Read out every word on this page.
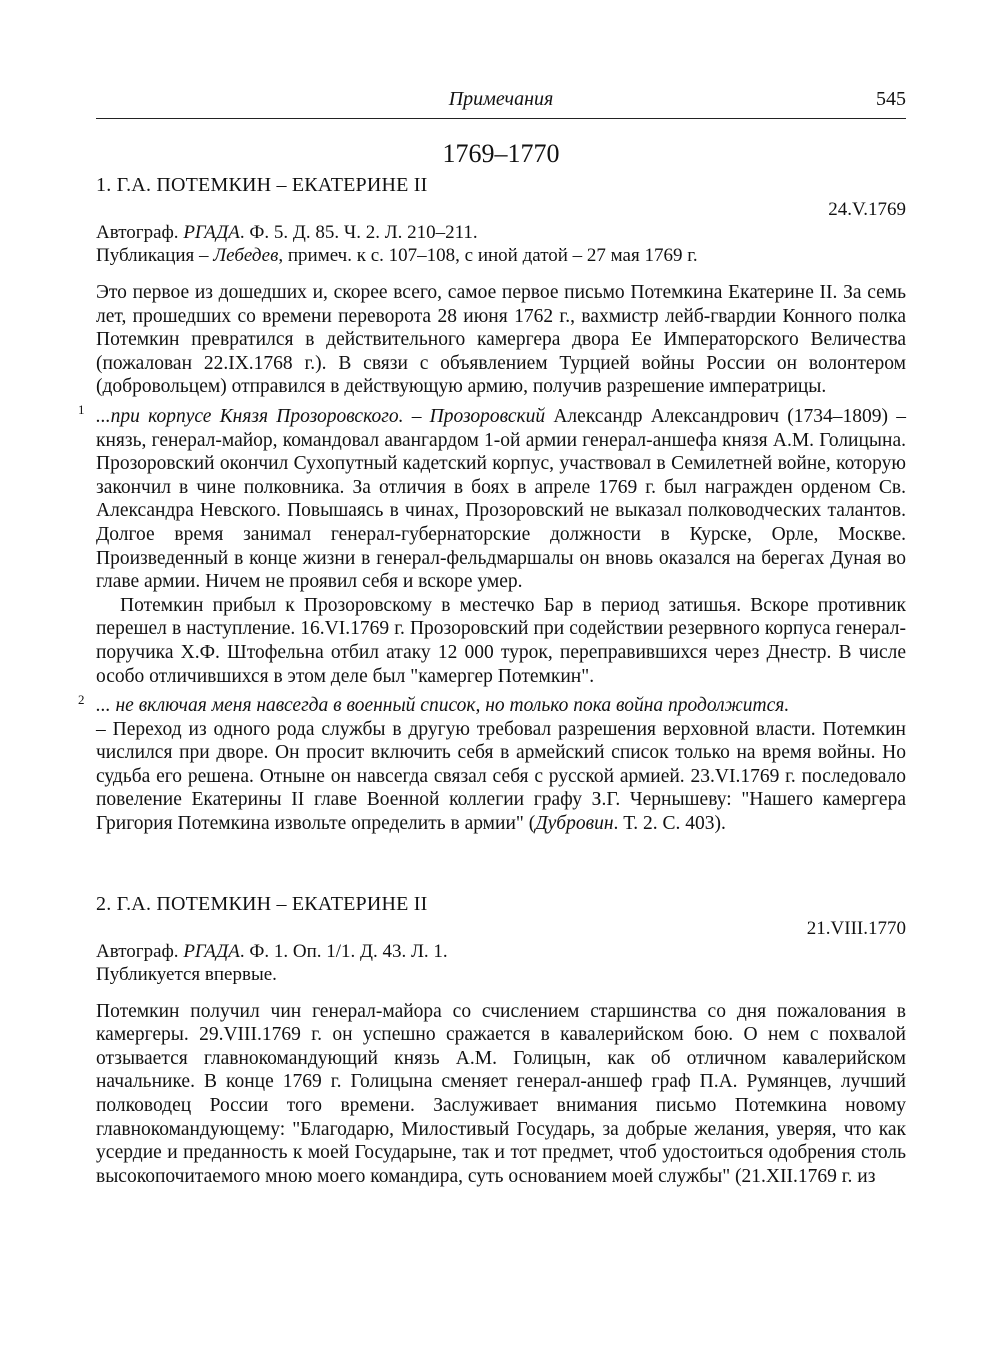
Примечания	545
1769–1770
1. Г.А. ПОТЕМКИН – ЕКАТЕРИНЕ II
24.V.1769
Автограф. РГАДА. Ф. 5. Д. 85. Ч. 2. Л. 210–211.
Публикация – Лебедев, примеч. к с. 107–108, с иной датой – 27 мая 1769 г.
Это первое из дошедших и, скорее всего, самое первое письмо Потемкина Екатерине II. За семь лет, прошедших со времени переворота 28 июня 1762 г., вахмистр лейб-гвардии Конного полка Потемкин превратился в действительного камергера двора Ее Императорского Величества (пожалован 22.IX.1768 г.). В связи с объявлением Турцией войны России он волонтером (добровольцем) отправился в действующую армию, получив разрешение императрицы.
1 ...при корпусе Князя Прозоровского. – Прозоровский Александр Александрович (1734–1809) – князь, генерал-майор, командовал авангардом 1-ой армии генерал-аншефа князя А.М. Голицына. Прозоровский окончил Сухопутный кадетский корпус, участвовал в Семилетней войне, которую закончил в чине полковника. За отличия в боях в апреле 1769 г. был награжден орденом Св. Александра Невского. Повышаясь в чинах, Прозоровский не выказал полководческих талантов. Долгое время занимал генерал-губернаторские должности в Курске, Орле, Москве. Произведенный в конце жизни в генерал-фельдмаршалы он вновь оказался на берегах Дуная во главе армии. Ничем не проявил себя и вскоре умер.
Потемкин прибыл к Прозоровскому в местечко Бар в период затишья. Вскоре противник перешел в наступление. 16.VI.1769 г. Прозоровский при содействии резервного корпуса генерал-поручика Х.Ф. Штофельна отбил атаку 12 000 турок, переправившихся через Днестр. В числе особо отличившихся в этом деле был "камергер Потемкин".
2 ... не включая меня навсегда в военный список, но только пока война продолжится.
– Переход из одного рода службы в другую требовал разрешения верховной власти. Потемкин числился при дворе. Он просит включить себя в армейский список только на время войны. Но судьба его решена. Отныне он навсегда связал себя с русской армией. 23.VI.1769 г. последовало повеление Екатерины II главе Военной коллегии графу З.Г. Чернышеву: "Нашего камергера Григория Потемкина извольте определить в армии" (Дубровин. Т. 2. С. 403).
2. Г.А. ПОТЕМКИН – ЕКАТЕРИНЕ II
21.VIII.1770
Автограф. РГАДА. Ф. 1. Оп. 1/1. Д. 43. Л. 1.
Публикуется впервые.
Потемкин получил чин генерал-майора со счислением старшинства со дня пожалования в камергеры. 29.VIII.1769 г. он успешно сражается в кавалерийском бою. О нем с похвалой отзывается главнокомандующий князь А.М. Голицын, как об отличном кавалерийском начальнике. В конце 1769 г. Голицына сменяет генерал-аншеф граф П.А. Румянцев, лучший полководец России того времени. Заслуживает внимания письмо Потемкина новому главнокомандующему: "Благодарю, Милостивый Государь, за добрые желания, уверяя, что как усердие и преданность к моей Государыне, так и тот предмет, чтоб удостоиться одобрения столь высокопочитаемого мною моего командира, суть основанием моей службы" (21.XII.1769 г. из
